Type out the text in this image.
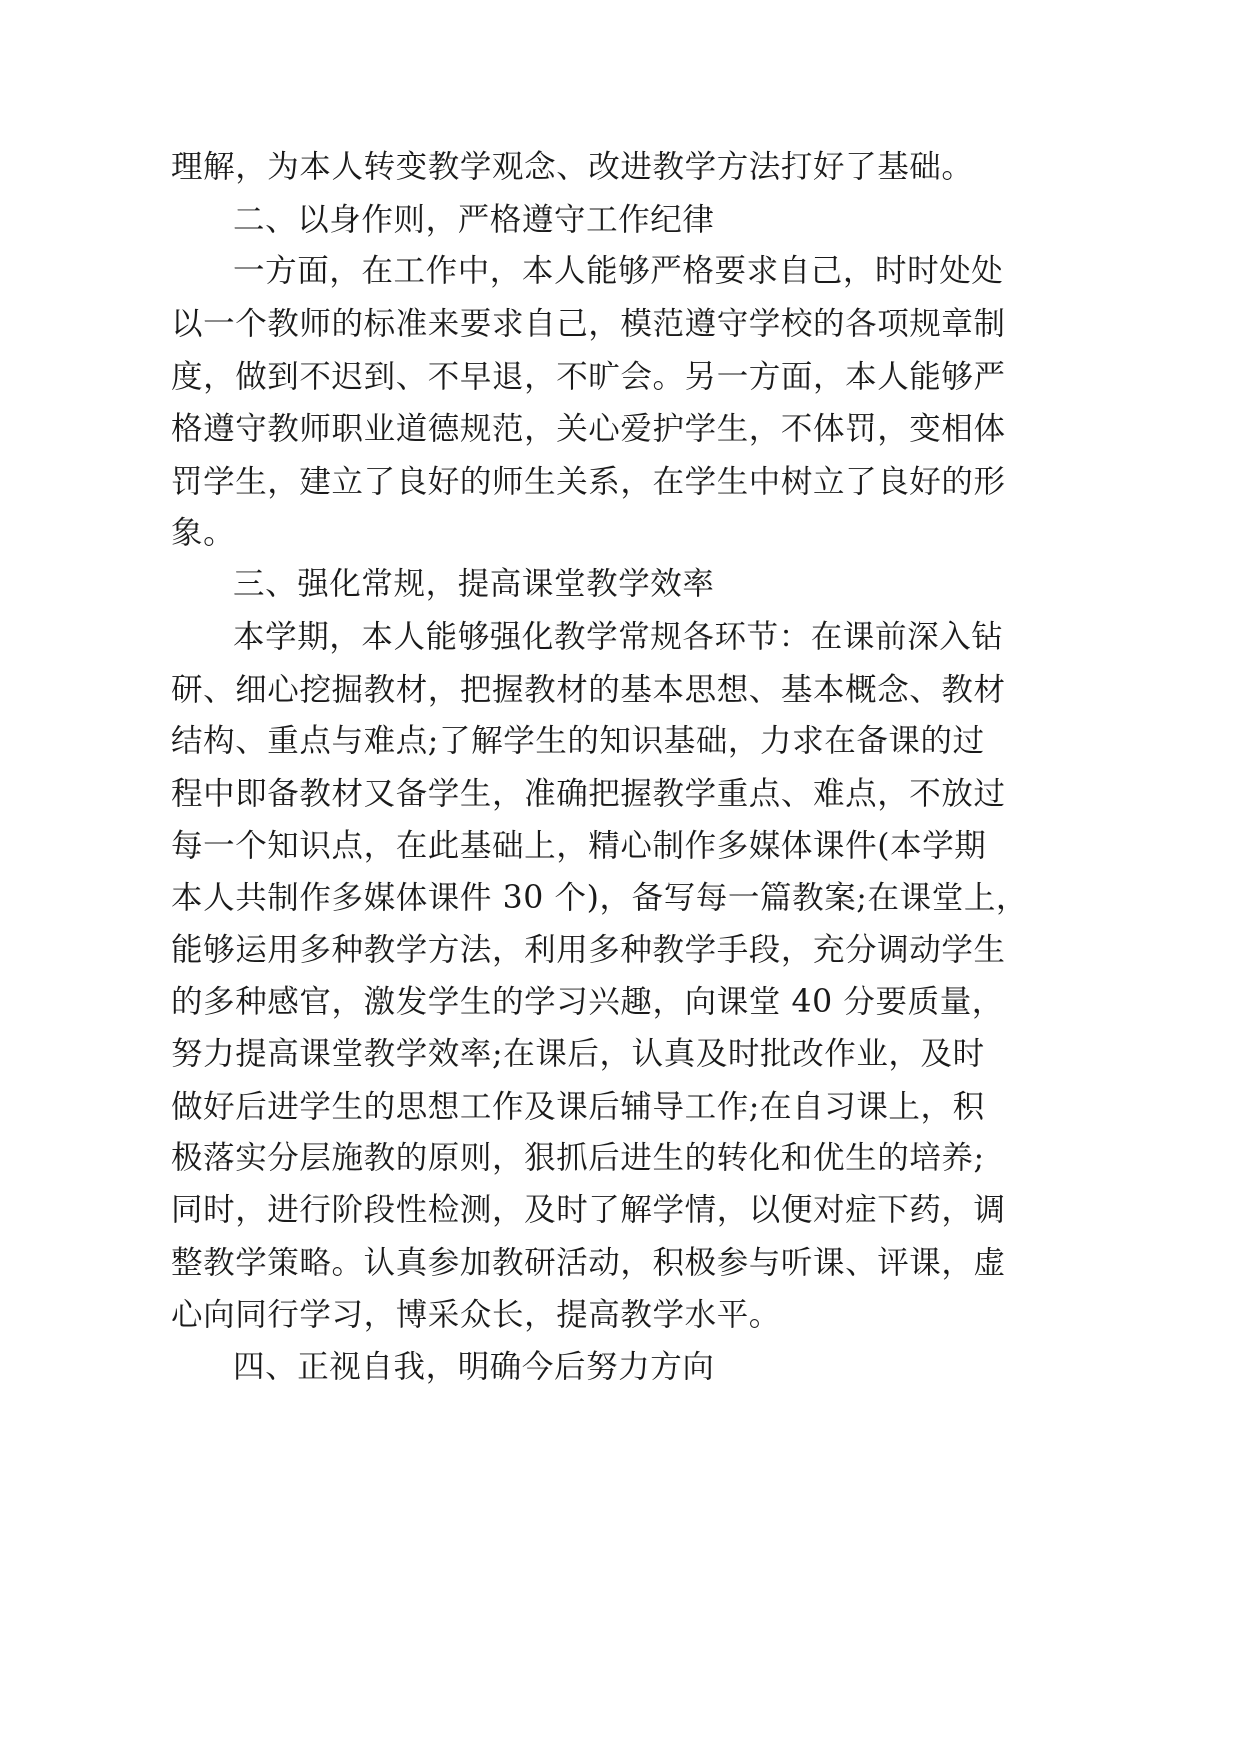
理解，为本人转变教学观念、改进教学方法打好了基础。
二、以身作则，严格遵守工作纪律
一方面，在工作中，本人能够严格要求自己，时时处处
以一个教师的标准来要求自己，模范遵守学校的各项规章制
度，做到不迟到、不早退，不旷会。另一方面，本人能够严
格遵守教师职业道德规范，关心爱护学生，不体罚，变相体
罚学生，建立了良好的师生关系，在学生中树立了良好的形
象。
三、强化常规，提高课堂教学效率
本学期，本人能够强化教学常规各环节：在课前深入钻
研、细心挖掘教材，把握教材的基本思想、基本概念、教材
结构、重点与难点;了解学生的知识基础，力求在备课的过
程中即备教材又备学生，准确把握教学重点、难点，不放过
每一个知识点，在此基础上，精心制作多媒体课件(本学期
本人共制作多媒体课件 30 个)，备写每一篇教案;在课堂上，
能够运用多种教学方法，利用多种教学手段，充分调动学生
的多种感官，激发学生的学习兴趣，向课堂 40 分要质量，
努力提高课堂教学效率;在课后，认真及时批改作业，及时
做好后进学生的思想工作及课后辅导工作;在自习课上，积
极落实分层施教的原则，狠抓后进生的转化和优生的培养;
同时，进行阶段性检测，及时了解学情，以便对症下药，调
整教学策略。认真参加教研活动，积极参与听课、评课，虚
心向同行学习，博采众长，提高教学水平。
四、正视自我，明确今后努力方向
